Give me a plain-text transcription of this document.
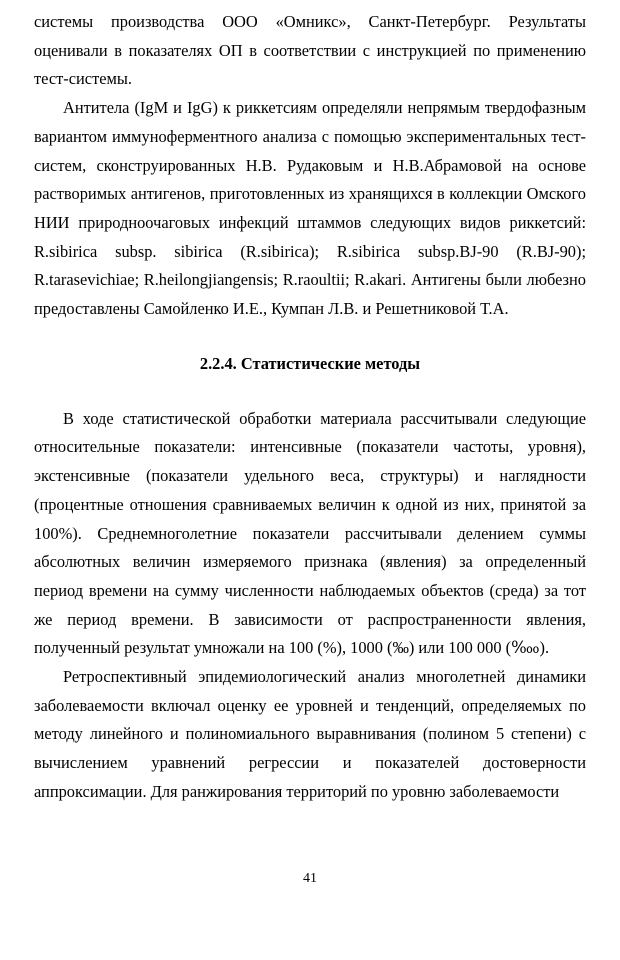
системы производства ООО «Омникс», Санкт-Петербург. Результаты оценивали в показателях ОП в соответствии с инструкцией по применению тест-системы.

Антитела (IgM и IgG) к риккетсиям определяли непрямым твердофазным вариантом иммуноферментного анализа с помощью экспериментальных тест-систем, сконструированных Н.В. Рудаковым и Н.В.Абрамовой на основе растворимых антигенов, приготовленных из хранящихся в коллекции Омского НИИ природноочаговых инфекций штаммов следующих видов риккетсий: R.sibirica subsp. sibirica (R.sibirica); R.sibirica subsp.BJ-90 (R.BJ-90); R.tarasevichiae; R.heilongjiangensis; R.raoultii; R.akari. Антигены были любезно предоставлены Самойленко И.Е., Кумпан Л.В. и Решетниковой Т.А.

2.2.4. Статистические методы

В ходе статистической обработки материала рассчитывали следующие относительные показатели: интенсивные (показатели частоты, уровня), экстенсивные (показатели удельного веса, структуры) и наглядности (процентные отношения сравниваемых величин к одной из них, принятой за 100%). Среднемноголетние показатели рассчитывали делением суммы абсолютных величин измеряемого признака (явления) за определенный период времени на сумму численности наблюдаемых объектов (среда) за тот же период времени. В зависимости от распространенности явления, полученный результат умножали на 100 (%), 1000 (‰) или 100 000 (‱).

Ретроспективный эпидемиологический анализ многолетней динамики заболеваемости включал оценку ее уровней и тенденций, определяемых по методу линейного и полиномиального выравнивания (полином 5 степени) с вычислением уравнений регрессии и показателей достоверности аппроксимации. Для ранжирования территорий по уровню заболеваемости

41
